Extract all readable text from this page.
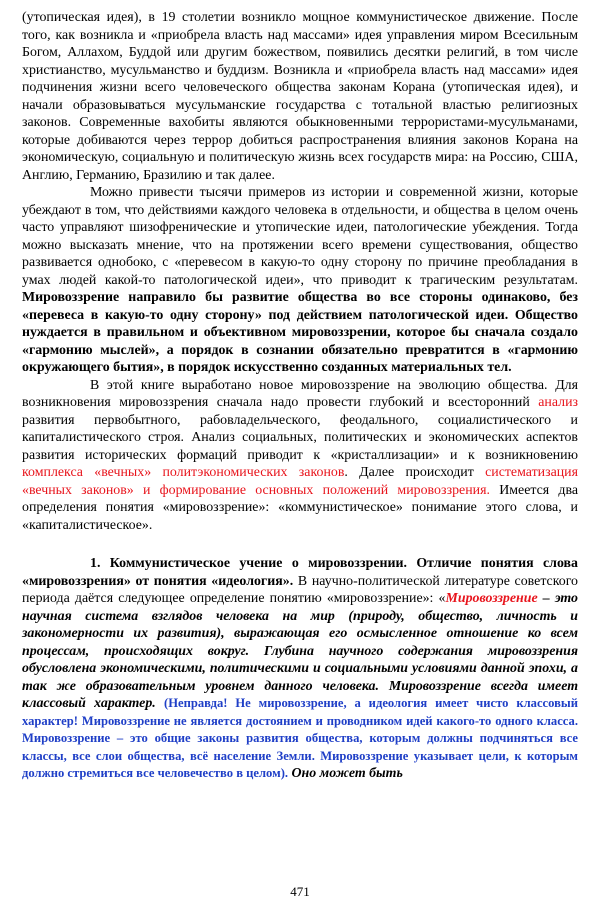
(утопическая идея), в 19 столетии возникло мощное коммунистическое движение. После того, как возникла и «приобрела власть над массами» идея управления миром Всесильным Богом, Аллахом, Буддой или другим божеством, появились десятки религий, в том числе христианство, мусульманство и буддизм. Возникла и «приобрела власть над массами» идея подчинения жизни всего человеческого общества законам Корана (утопическая идея), и начали образовываться мусульманские государства с тотальной властью религиозных законов. Современные вахобиты являются обыкновенными террористами-мусульманами, которые добиваются через террор добиться распространения влияния законов Корана на экономическую, социальную и политическую жизнь всех государств мира: на Россию, США, Англию, Германию, Бразилию и так далее.

Можно привести тысячи примеров из истории и современной жизни, которые убеждают в том, что действиями каждого человека в отдельности, и общества в целом очень часто управляют шизофренические и утопические идеи, патологические убеждения. Тогда можно высказать мнение, что на протяжении всего времени существования, общество развивается однобоко, с «перевесом в какую-то одну сторону по причине преобладания в умах людей какой-то патологической идеи», что приводит к трагическим результатам. Мировоззрение направило бы развитие общества во все стороны одинаково, без «перевеса в какую-то одну сторону» под действием патологической идеи. Общество нуждается в правильном и объективном мировоззрении, которое бы сначала создало «гармонию мыслей», а порядок в сознании обязательно превратится в «гармонию окружающего бытия», в порядок искусственно созданных материальных тел.

В этой книге выработано новое мировоззрение на эволюцию общества. Для возникновения мировоззрения сначала надо провести глубокий и всесторонний анализ развития первобытного, рабовладельческого, феодального, социалистического и капиталистического строя. Анализ социальных, политических и экономических аспектов развития исторических формаций приводит к «кристаллизации» и к возникновению комплекса «вечных» политэкономических законов. Далее происходит систематизация «вечных законов» и формирование основных положений мировоззрения. Имеется два определения понятия «мировоззрение»: «коммунистическое» понимание этого слова, и «капиталистическое».

1. Коммунистическое учение о мировоззрении. Отличие понятия слова «мировоззрения» от понятия «идеология». В научно-политической литературе советского периода даётся следующее определение понятию «мировоззрение»: «Мировоззрение – это научная система взглядов человека на мир (природу, общество, личность и закономерности их развития), выражающая его осмысленное отношение ко всем процессам, происходящих вокруг. Глубина научного содержания мировоззрения обусловлена экономическими, политическими и социальными условиями данной эпохи, а так же образовательным уровнем данного человека. Мировоззрение всегда имеет классовый характер. (Неправда! Не мировоззрение, а идеология имеет чисто классовый характер! Мировоззрение не является достоянием и проводником идей какого-то одного класса. Мировоззрение – это общие законы развития общества, которым должны подчиняться все классы, все слои общества, всё население Земли. Мировоззрение указывает цели, к которым должно стремиться все человечество в целом). Оно может быть

471
